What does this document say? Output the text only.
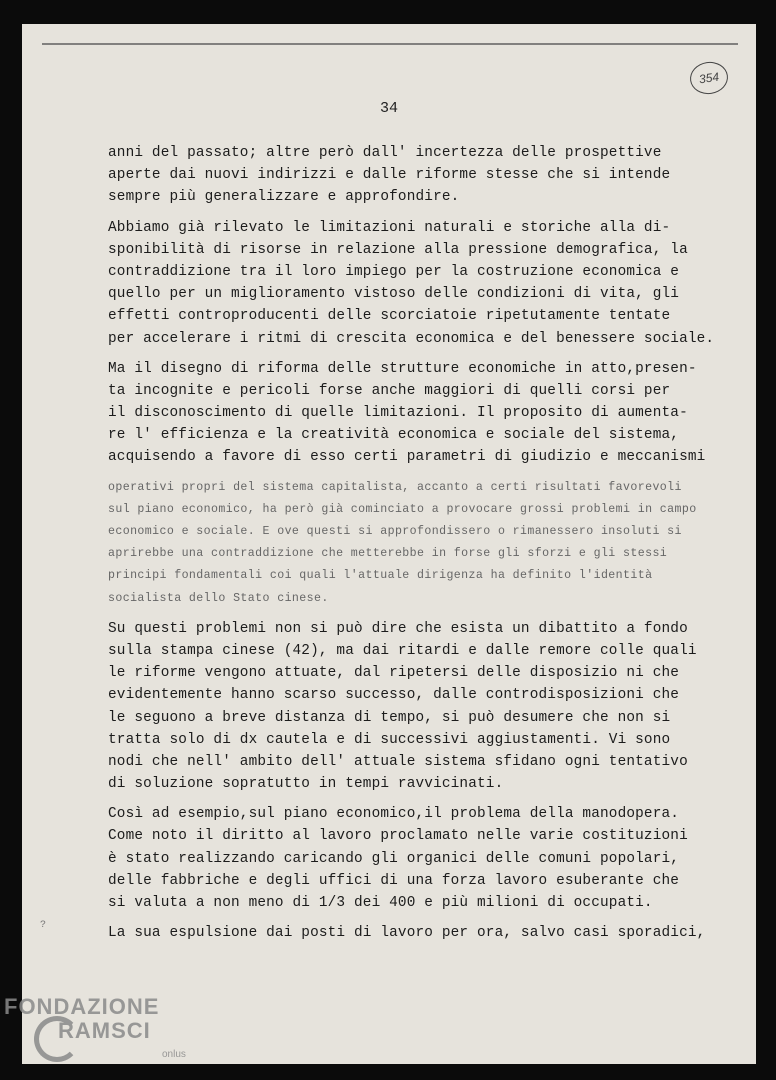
354
34
anni del passato; altre però dall' incertezza delle prospettive
aperte dai nuovi indirizzi e dalle riforme stesse che si intende
sempre più generalizzare e approfondire.
Abbiamo già rilevato le limitazioni naturali e storiche alla di-
sponibilità di risorse in relazione alla pressione demografica, la
contraddizione tra il loro impiego per la costruzione economica e
quello per un miglioramento vistoso delle condizioni di vita, gli
effetti controproducenti delle scorciatoie ripetutamente tentate
per accelerare i ritmi di crescita economica e del benessere sociale.
Ma il disegno di riforma delle strutture economiche in atto,presen-
ta incognite e pericoli forse anche maggiori di quelli corsi per
il disconoscimento di quelle limitazioni. Il proposito di aumenta-
re l' efficienza e la creatività economica e sociale del sistema,
acquisendo a favore di esso certi parametri di giudizio e meccanismi
operativi propri del sistema capitalista, accanto a certi risultati favorevoli
sul piano economico, ha però già cominciato a provocare grossi problemi in campo
economico e sociale. E ove questi si approfondissero o rimanessero insoluti si
aprirebbe una contraddizione che metterebbe in forse gli sforzi e gli stessi
principi fondamentali coi quali l'attuale dirigenza ha definito l'identità
socialista dello Stato cinese.
Su questi problemi non si può dire che esista un dibattito a fondo
sulla stampa cinese (42), ma dai ritardi e dalle remore colle quali
le riforme vengono attuate, dal ripetersi delle disposizio ni che
evidentemente hanno scarso successo, dalle controdisposizioni che
le seguono a breve distanza di tempo, si può desumere che non si
tratta solo di dx cautela e di successivi aggiustamenti. Vi sono
nodi che nell' ambito dell' attuale sistema sfidano ogni tentativo
di soluzione sopratutto in tempi ravvicinati.
Così ad esempio,sul piano economico,il problema della manodopera.
Come noto il diritto al lavoro proclamato nelle varie costituzioni
è stato realizzando caricando gli organici delle comuni popolari,
delle fabbriche e degli uffici di una forza lavoro esuberante che
si valuta a non meno di 1/3 dei 400 e più milioni di occupati.
La sua espulsione dai posti di lavoro per ora, salvo casi sporadici,
?
FONDAZIONE
RAMSCI
onlus
